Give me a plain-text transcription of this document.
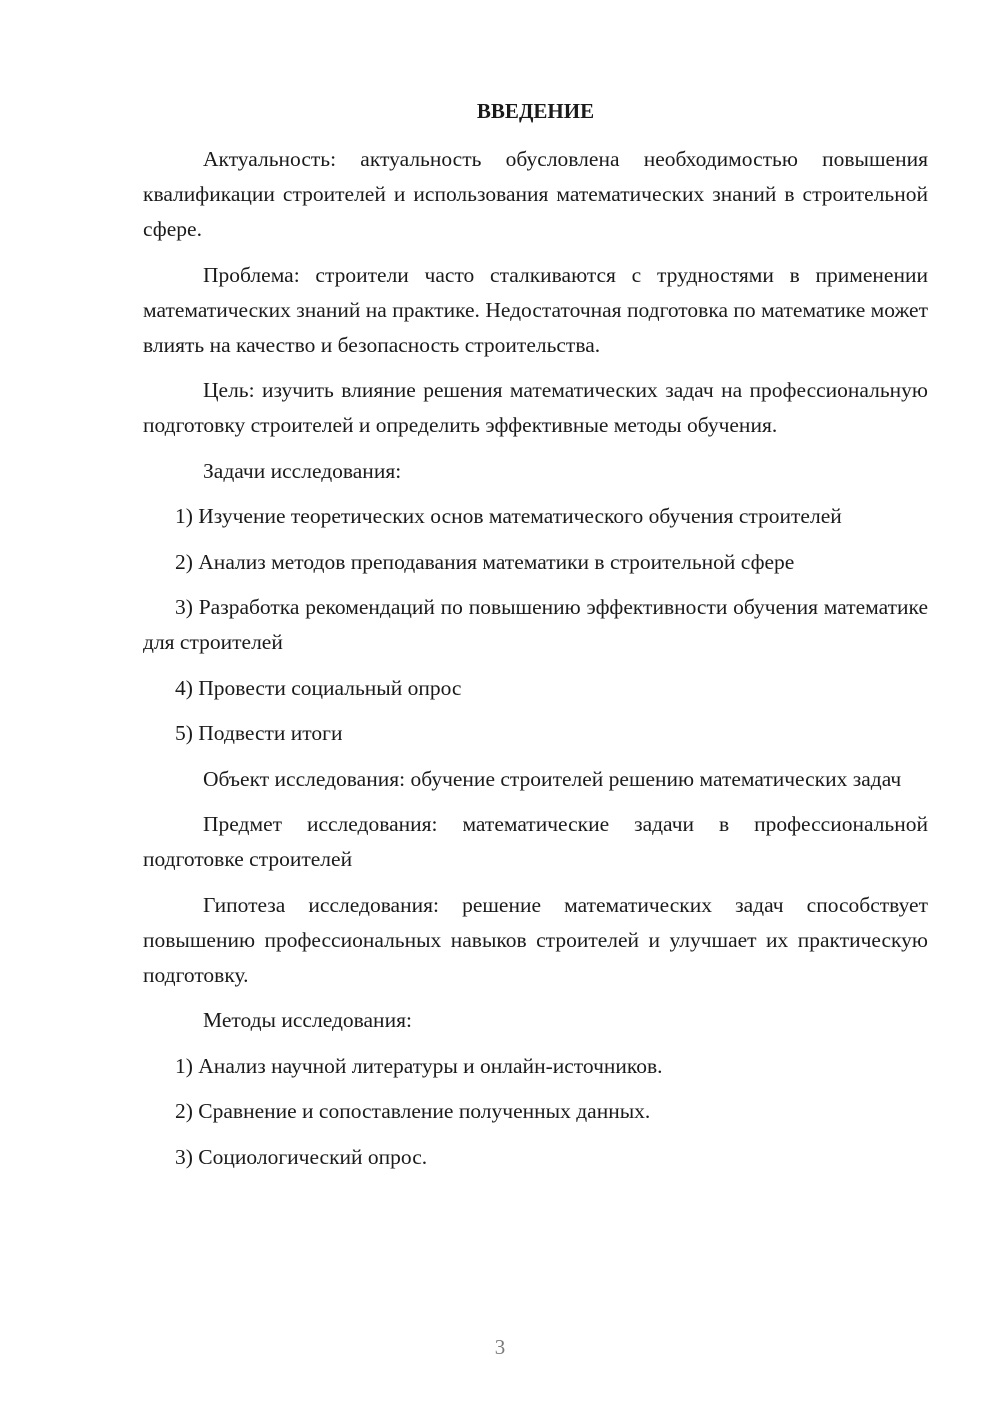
ВВЕДЕНИЕ

Актуальность: актуальность обусловлена необходимостью повышения квалификации строителей и использования математических знаний в строительной сфере.

Проблема: строители часто сталкиваются с трудностями в применении математических знаний на практике. Недостаточная подготовка по математике может влиять на качество и безопасность строительства.

Цель: изучить влияние решения математических задач на профессиональную подготовку строителей и определить эффективные методы обучения.

Задачи исследования:

1) Изучение теоретических основ математического обучения строителей

2) Анализ методов преподавания математики в строительной сфере

3) Разработка рекомендаций по повышению эффективности обучения математике для строителей

4) Провести социальный опрос

5) Подвести итоги

Объект исследования: обучение строителей решению математических задач

Предмет исследования: математические задачи в профессиональной подготовке строителей

Гипотеза исследования: решение математических задач способствует повышению профессиональных навыков строителей и улучшает их практическую подготовку.

Методы исследования:

1) Анализ научной литературы и онлайн-источников.

2) Сравнение и сопоставление полученных данных.

3) Социологический опрос.

3
